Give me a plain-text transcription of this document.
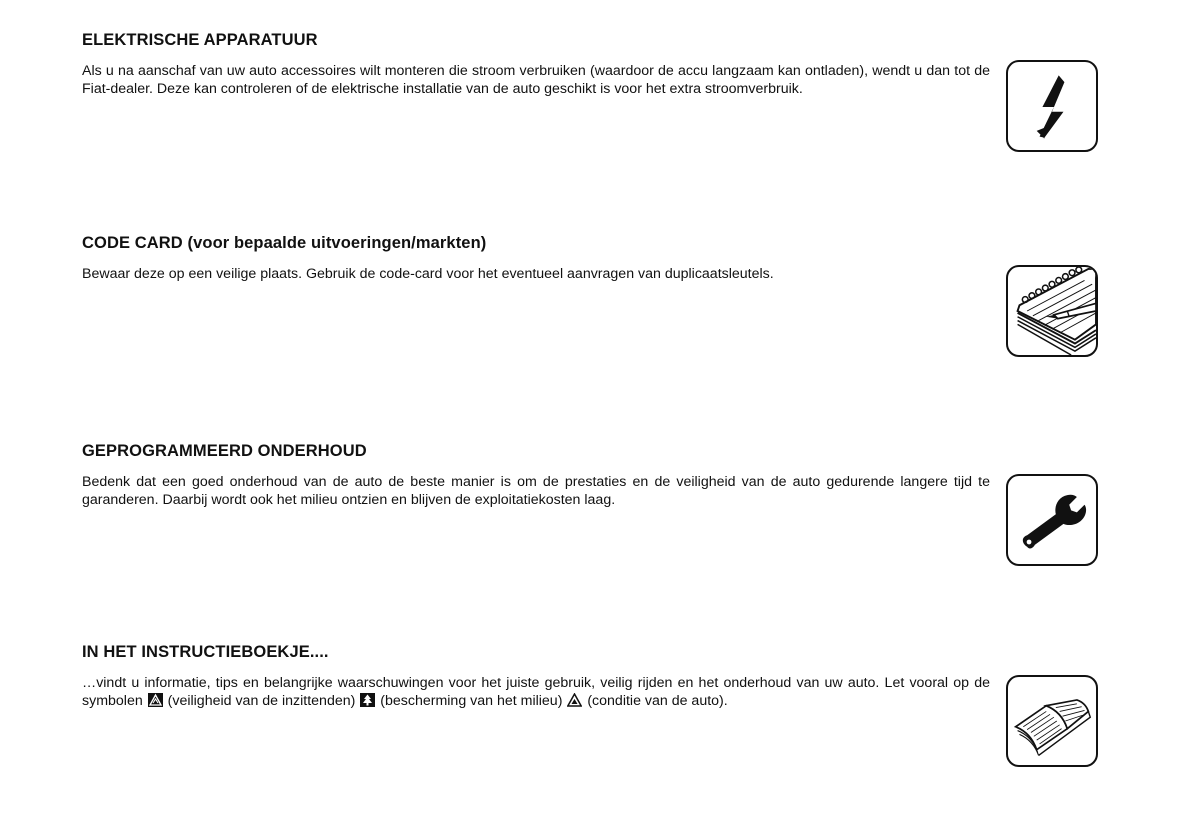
ELEKTRISCHE APPARATUUR

Als u na aanschaf van uw auto accessoires wilt monteren die stroom verbruiken (waardoor de accu langzaam kan ontladen), wendt u dan tot de Fiat-dealer. Deze kan controleren of de elektrische installatie van de auto geschikt is voor het extra stroomverbruik.

CODE CARD (voor bepaalde uitvoeringen/markten)

Bewaar deze op een veilige plaats. Gebruik de code-card voor het eventueel aanvragen van duplicaatsleutels.

GEPROGRAMMEERD ONDERHOUD

Bedenk dat een goed onderhoud van de auto de beste manier is om de prestaties en de veiligheid van de auto gedurende langere tijd te garanderen. Daarbij wordt ook het milieu ontzien en blijven de exploitatiekosten laag.

IN HET INSTRUCTIEBOEKJE....

…vindt u informatie, tips en belangrijke waarschuwingen voor het juiste gebruik, veilig rijden en het onderhoud van uw auto. Let vooral op de symbolen (veiligheid van de inzittenden) (bescherming van het milieu) (conditie van de auto).
